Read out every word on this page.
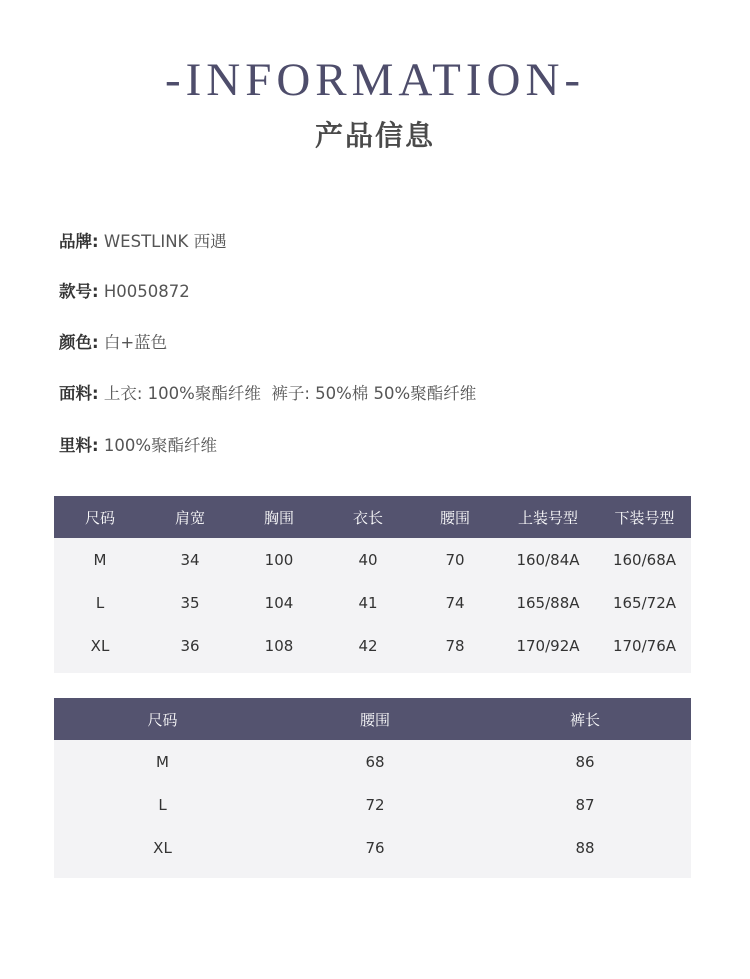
-INFORMATION-
产品信息
品牌: WESTLINK 西遇
款号: H0050872
颜色: 白+蓝色
面料: 上衣: 100%聚酯纤维  裤子: 50%棉 50%聚酯纤维
里料: 100%聚酯纤维
尺码	肩宽	胸围	衣长	腰围	上装号型	下装号型
M	34	100	40	70	160/84A	160/68A
L	35	104	41	74	165/88A	165/72A
XL	36	108	42	78	170/92A	170/76A
尺码	腰围	裤长
M	68	86
L	72	87
XL	76	88
